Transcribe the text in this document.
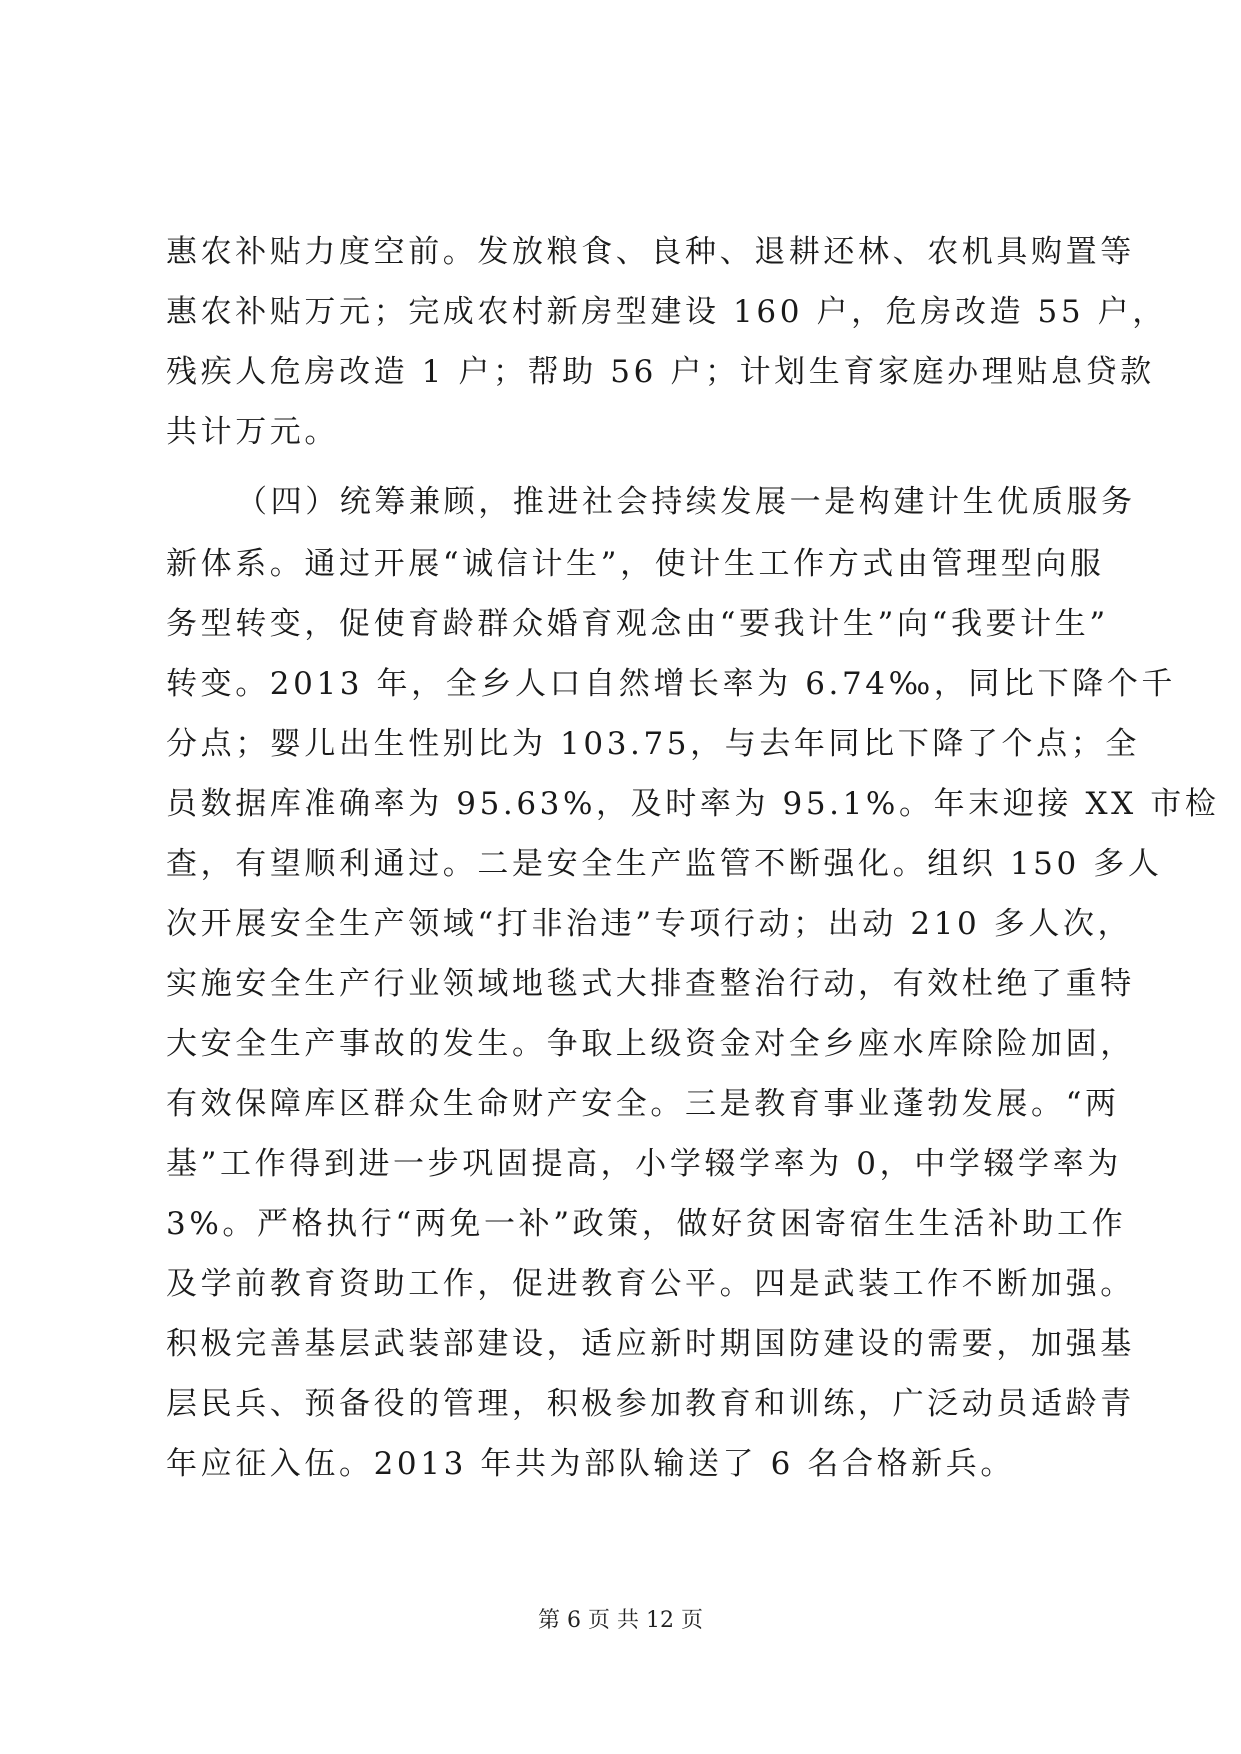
惠农补贴力度空前。发放粮食、良种、退耕还林、农机具购置等
惠农补贴万元；完成农村新房型建设 160 户，危房改造 55 户，
残疾人危房改造 1 户；帮助 56 户；计划生育家庭办理贴息贷款
共计万元。
（四）统筹兼顾，推进社会持续发展一是构建计生优质服务
新体系。通过开展“诚信计生”，使计生工作方式由管理型向服
务型转变，促使育龄群众婚育观念由“要我计生”向“我要计生”
转变。2013 年，全乡人口自然增长率为 6.74‰，同比下降个千
分点；婴儿出生性别比为 103.75，与去年同比下降了个点；全
员数据库准确率为 95.63%，及时率为 95.1%。年末迎接 XX 市检
查，有望顺利通过。二是安全生产监管不断强化。组织 150 多人
次开展安全生产领域“打非治违”专项行动；出动 210 多人次，
实施安全生产行业领域地毯式大排查整治行动，有效杜绝了重特
大安全生产事故的发生。争取上级资金对全乡座水库除险加固，
有效保障库区群众生命财产安全。三是教育事业蓬勃发展。“两
基”工作得到进一步巩固提高，小学辍学率为 0，中学辍学率为
3%。严格执行“两免一补”政策，做好贫困寄宿生生活补助工作
及学前教育资助工作，促进教育公平。四是武装工作不断加强。
积极完善基层武装部建设，适应新时期国防建设的需要，加强基
层民兵、预备役的管理，积极参加教育和训练，广泛动员适龄青
年应征入伍。2013 年共为部队输送了 6 名合格新兵。
第 6 页 共 12 页
